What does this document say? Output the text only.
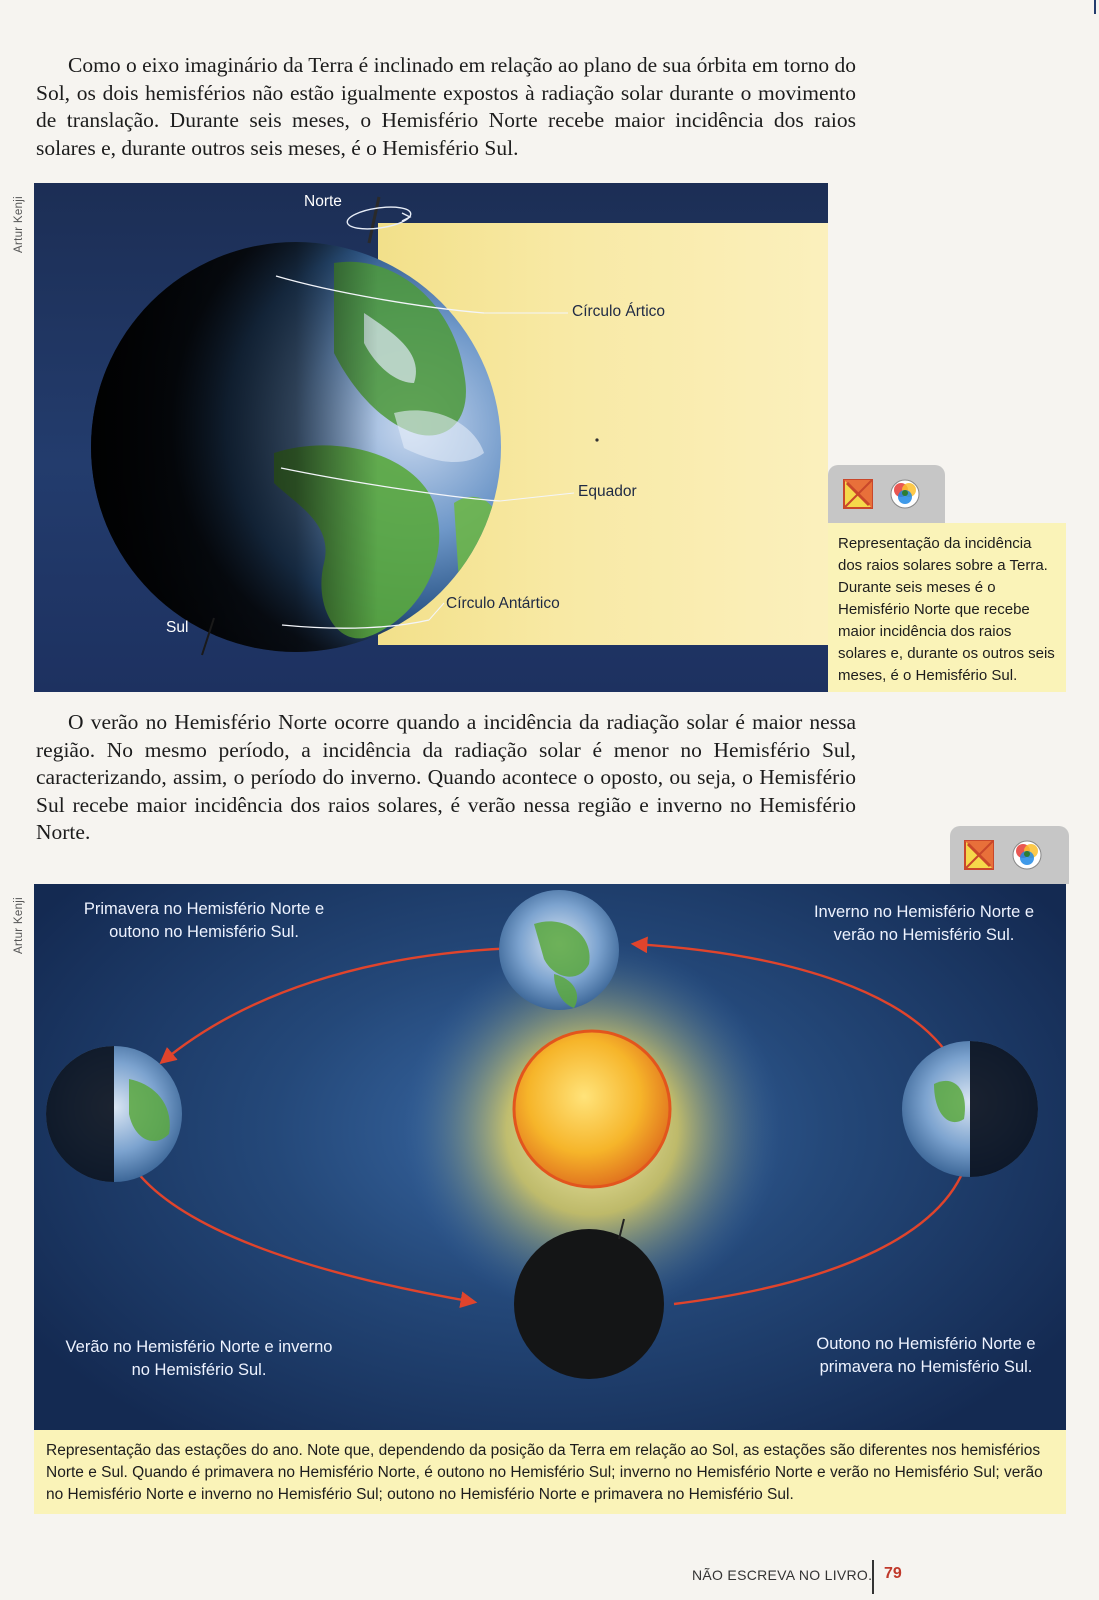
Como o eixo imaginário da Terra é inclinado em relação ao plano de sua órbita em torno do Sol, os dois hemisférios não estão igualmente expostos à radiação solar durante o movimento de translação. Durante seis meses, o Hemisfério Norte recebe maior incidência dos raios solares e, durante outros seis meses, é o Hemisfério Sul.

Artur Kenji	Norte
Círculo Ártico
Equador
Círculo Antártico
Sul
Representação da incidência dos raios solares sobre a Terra. Durante seis meses é o Hemisfério Norte que recebe maior incidência dos raios solares e, durante os outros seis meses, é o Hemisfério Sul.

O verão no Hemisfério Norte ocorre quando a incidência da radiação solar é maior nessa região. No mesmo período, a incidência da radiação solar é menor no Hemisfério Sul, caracterizando, assim, o período do inverno. Quando acontece o oposto, ou seja, o Hemisfério Sul recebe maior incidência dos raios solares, é verão nessa região e inverno no Hemisfério Norte.

Artur Kenji	Primavera no Hemisfério Norte e outono no Hemisfério Sul.
Inverno no Hemisfério Norte e verão no Hemisfério Sul.
Verão no Hemisfério Norte e inverno no Hemisfério Sul.
Outono no Hemisfério Norte e primavera no Hemisfério Sul.
Representação das estações do ano. Note que, dependendo da posição da Terra em relação ao Sol, as estações são diferentes nos hemisférios Norte e Sul. Quando é primavera no Hemisfério Norte, é outono no Hemisfério Sul; inverno no Hemisfério Norte e verão no Hemisfério Sul; verão no Hemisfério Norte e inverno no Hemisfério Sul; outono no Hemisfério Norte e primavera no Hemisfério Sul.
NÃO ESCREVA NO LIVRO. 79
